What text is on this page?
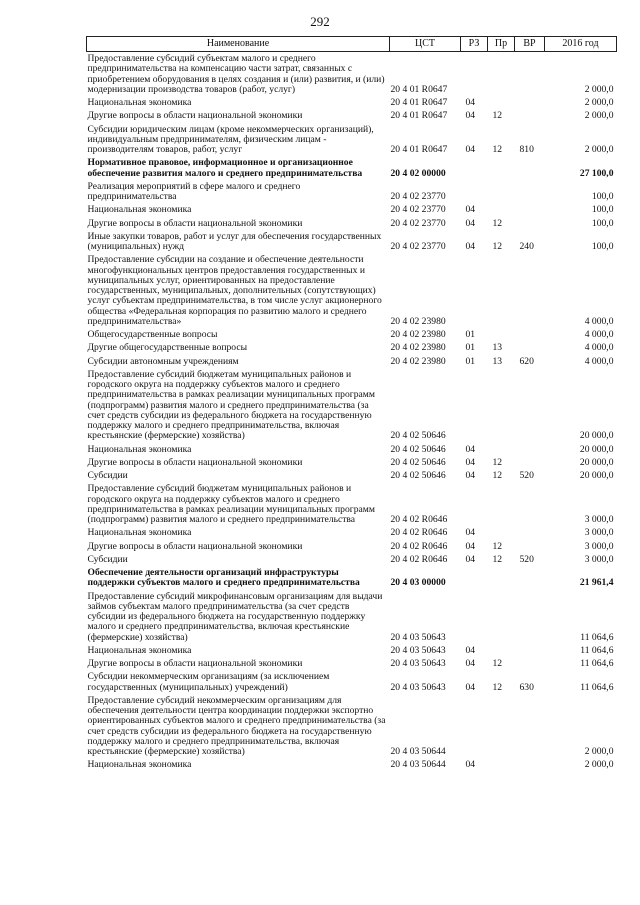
292
Наименование	ЦСТ	РЗ	Пр	ВР	2016 год
Предоставление субсидий субъектам малого и среднего предпринимательства на компенсацию части затрат, связанных с приобретением оборудования в целях создания и (или) развития, и (или) модернизации производства товаров (работ, услуг)	20 4 01 R0647				2 000,0
Национальная экономика	20 4 01 R0647	04			2 000,0
Другие вопросы в области национальной экономики	20 4 01 R0647	04	12		2 000,0
Субсидии юридическим лицам (кроме некоммерческих организаций), индивидуальным предпринимателям, физическим лицам - производителям товаров, работ, услуг	20 4 01 R0647	04	12	810	2 000,0
Нормативное правовое, информационное и организационное обеспечение развития малого и среднего предпринимательства	20 4 02 00000				27 100,0
Реализация мероприятий в сфере малого и среднего предпринимательства	20 4 02 23770				100,0
Национальная экономика	20 4 02 23770	04			100,0
Другие вопросы в области национальной экономики	20 4 02 23770	04	12		100,0
Иные закупки товаров, работ и услуг для обеспечения государственных (муниципальных) нужд	20 4 02 23770	04	12	240	100,0
Предоставление субсидии на создание и обеспечение деятельности многофункциональных центров предоставления государственных и муниципальных услуг, ориентированных на предоставление государственных, муниципальных, дополнительных (сопутствующих) услуг субъектам предпринимательства, в том числе услуг акционерного общества «Федеральная корпорация по развитию малого и среднего предпринимательства»	20 4 02 23980				4 000,0
Общегосударственные вопросы	20 4 02 23980	01			4 000,0
Другие общегосударственные вопросы	20 4 02 23980	01	13		4 000,0
Субсидии автономным учреждениям	20 4 02 23980	01	13	620	4 000,0
Предоставление субсидий бюджетам муниципальных районов и городского округа на поддержку субъектов малого и среднего предпринимательства в рамках реализации муниципальных программ (подпрограмм) развития малого и среднего предпринимательства (за счет средств субсидии из федерального бюджета на государственную поддержку малого и среднего предпринимательства, включая крестьянские (фермерские) хозяйства)	20 4 02 50646				20 000,0
Национальная экономика	20 4 02 50646	04			20 000,0
Другие вопросы в области национальной экономики	20 4 02 50646	04	12		20 000,0
Субсидии	20 4 02 50646	04	12	520	20 000,0
Предоставление субсидий бюджетам муниципальных районов и городского округа на поддержку субъектов малого и среднего предпринимательства в рамках реализации муниципальных программ (подпрограмм) развития малого и среднего предпринимательства	20 4 02 R0646				3 000,0
Национальная экономика	20 4 02 R0646	04			3 000,0
Другие вопросы в области национальной экономики	20 4 02 R0646	04	12		3 000,0
Субсидии	20 4 02 R0646	04	12	520	3 000,0
Обеспечение деятельности организаций инфраструктуры поддержки субъектов малого и среднего предпринимательства	20 4 03 00000				21 961,4
Предоставление субсидий микрофинансовым организациям для выдачи займов субъектам малого предпринимательства (за счет средств субсидии из федерального бюджета на государственную поддержку малого и среднего предпринимательства, включая крестьянские (фермерские) хозяйства)	20 4 03 50643				11 064,6
Национальная экономика	20 4 03 50643	04			11 064,6
Другие вопросы в области национальной экономики	20 4 03 50643	04	12		11 064,6
Субсидии некоммерческим организациям (за исключением государственных (муниципальных) учреждений)	20 4 03 50643	04	12	630	11 064,6
Предоставление субсидий некоммерческим организациям для обеспечения деятельности центра координации поддержки экспортно ориентированных субъектов малого и среднего предпринимательства (за счет средств субсидии из федерального бюджета на государственную поддержку малого и среднего предпринимательства, включая крестьянские (фермерские) хозяйства)	20 4 03 50644				2 000,0
Национальная экономика	20 4 03 50644	04			2 000,0
